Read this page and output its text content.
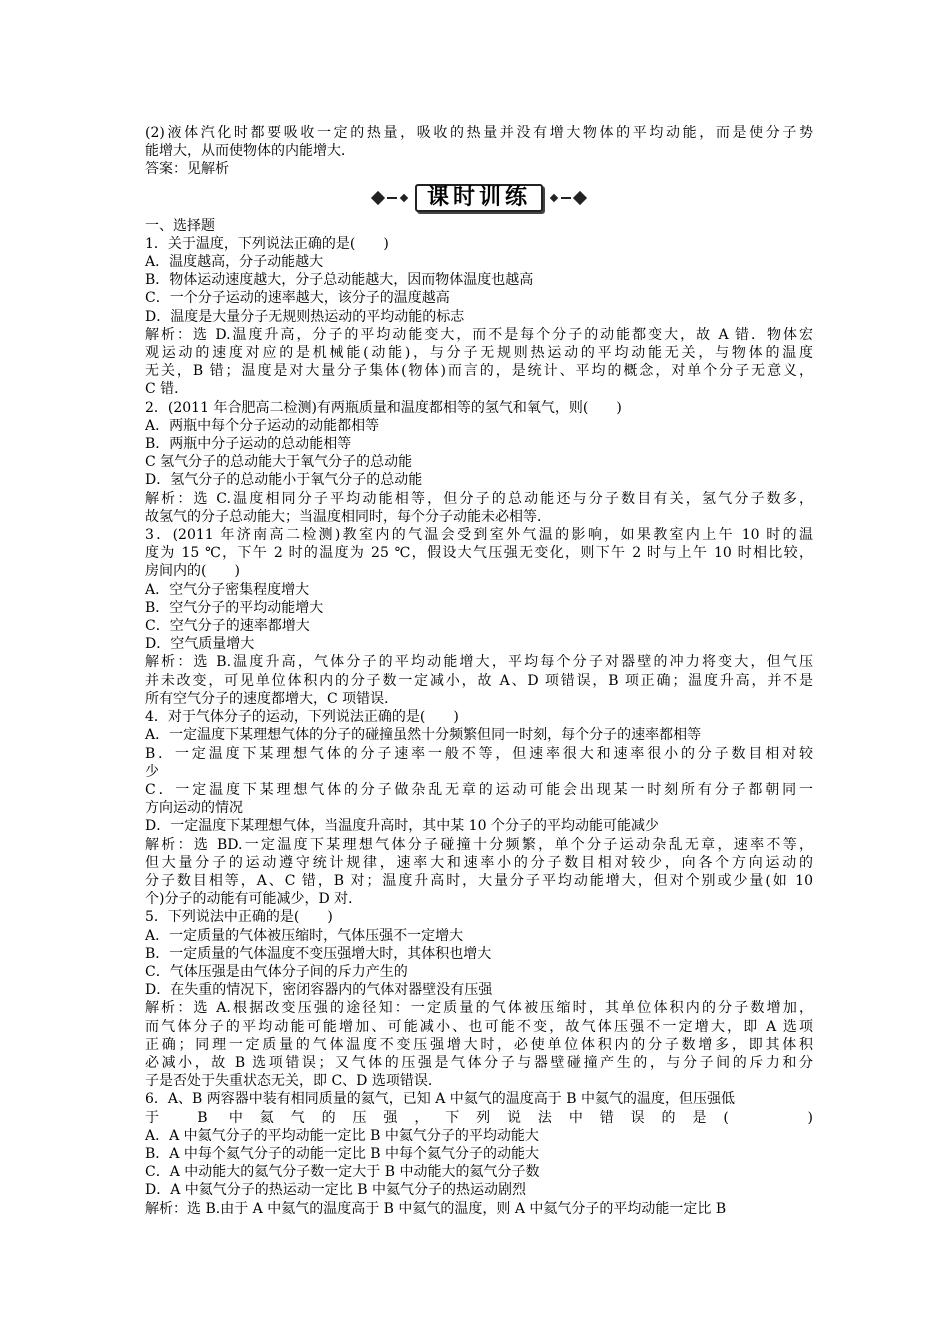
(2)液体汽化时都要吸收一定的热量，吸收的热量并没有增大物体的平均动能，而是使分子势
能增大，从而使物体的内能增大．
答案：见解析
课时训练
一、选择题
1．关于温度，下列说法正确的是(　　)
A．温度越高，分子动能越大
B．物体运动速度越大，分子总动能越大，因而物体温度也越高
C．一个分子运动的速率越大，该分子的温度越高
D．温度是大量分子无规则热运动的平均动能的标志
解析：选 D.温度升高，分子的平均动能变大，而不是每个分子的动能都变大，故 A 错．物体宏
观运动的速度对应的是机械能(动能)，与分子无规则热运动的平均动能无关，与物体的温度
无关，B 错；温度是对大量分子集体(物体)而言的，是统计、平均的概念，对单个分子无意义，
C 错．
2．(2011 年合肥高二检测)有两瓶质量和温度都相等的氢气和氧气，则(　　)
A．两瓶中每个分子运动的动能都相等
B．两瓶中分子运动的总动能相等
C 氢气分子的总动能大于氧气分子的总动能
D．氢气分子的总动能小于氧气分子的总动能
解析：选 C.温度相同分子平均动能相等，但分子的总动能还与分子数目有关，氢气分子数多，
故氢气的分子总动能大；当温度相同时，每个分子动能未必相等．
3．(2011 年济南高二检测)教室内的气温会受到室外气温的影响，如果教室内上午 10 时的温
度为 15 ℃，下午 2 时的温度为 25 ℃，假设大气压强无变化，则下午 2 时与上午 10 时相比较，
房间内的(　　)
A．空气分子密集程度增大
B．空气分子的平均动能增大
C．空气分子的速率都增大
D．空气质量增大
解析：选 B.温度升高，气体分子的平均动能增大，平均每个分子对器壁的冲力将变大，但气压
并未改变，可见单位体积内的分子数一定减小，故 A、D 项错误，B 项正确；温度升高，并不是
所有空气分子的速度都增大，C 项错误．
4．对于气体分子的运动，下列说法正确的是(　　)
A．一定温度下某理想气体的分子的碰撞虽然十分频繁但同一时刻，每个分子的速率都相等
B．一定温度下某理想气体的分子速率一般不等，但速率很大和速率很小的分子数目相对较
少
C．一定温度下某理想气体的分子做杂乱无章的运动可能会出现某一时刻所有分子都朝同一
方向运动的情况
D．一定温度下某理想气体，当温度升高时，其中某 10 个分子的平均动能可能减少
解析：选 BD.一定温度下某理想气体分子碰撞十分频繁，单个分子运动杂乱无章，速率不等，
但大量分子的运动遵守统计规律，速率大和速率小的分子数目相对较少，向各个方向运动的
分子数目相等，A、C 错，B 对；温度升高时，大量分子平均动能增大，但对个别或少量(如 10
个)分子的动能有可能减少，D 对．
5．下列说法中正确的是(　　)
A．一定质量的气体被压缩时，气体压强不一定增大
B．一定质量的气体温度不变压强增大时，其体积也增大
C．气体压强是由气体分子间的斥力产生的
D．在失重的情况下，密闭容器内的气体对器壁没有压强
解析：选 A.根据改变压强的途径知：一定质量的气体被压缩时，其单位体积内的分子数增加，
而气体分子的平均动能可能增加、可能减小、也可能不变，故气体压强不一定增大，即 A 选项
正确；同理一定质量的气体温度不变压强增大时，必使单位体积内的分子数增多，即其体积
必减小，故 B 选项错误；又气体的压强是气体分子与器壁碰撞产生的，与分子间的斥力和分
子是否处于失重状态无关，即 C、D 选项错误．
6．A、B 两容器中装有相同质量的氦气，已知 A 中氦气的温度高于 B 中氦气的温度，但压强低
于 B 中氦气的压强，下列说法中错误的是(　　)
A．A 中氦气分子的平均动能一定比 B 中氦气分子的平均动能大
B．A 中每个氦气分子的动能一定比 B 中每个氦气分子的动能大
C．A 中动能大的氦气分子数一定大于 B 中动能大的氦气分子数
D．A 中氦气分子的热运动一定比 B 中氦气分子的热运动剧烈
解析：选 B.由于 A 中氦气的温度高于 B 中氦气的温度，则 A 中氦气分子的平均动能一定比 B
